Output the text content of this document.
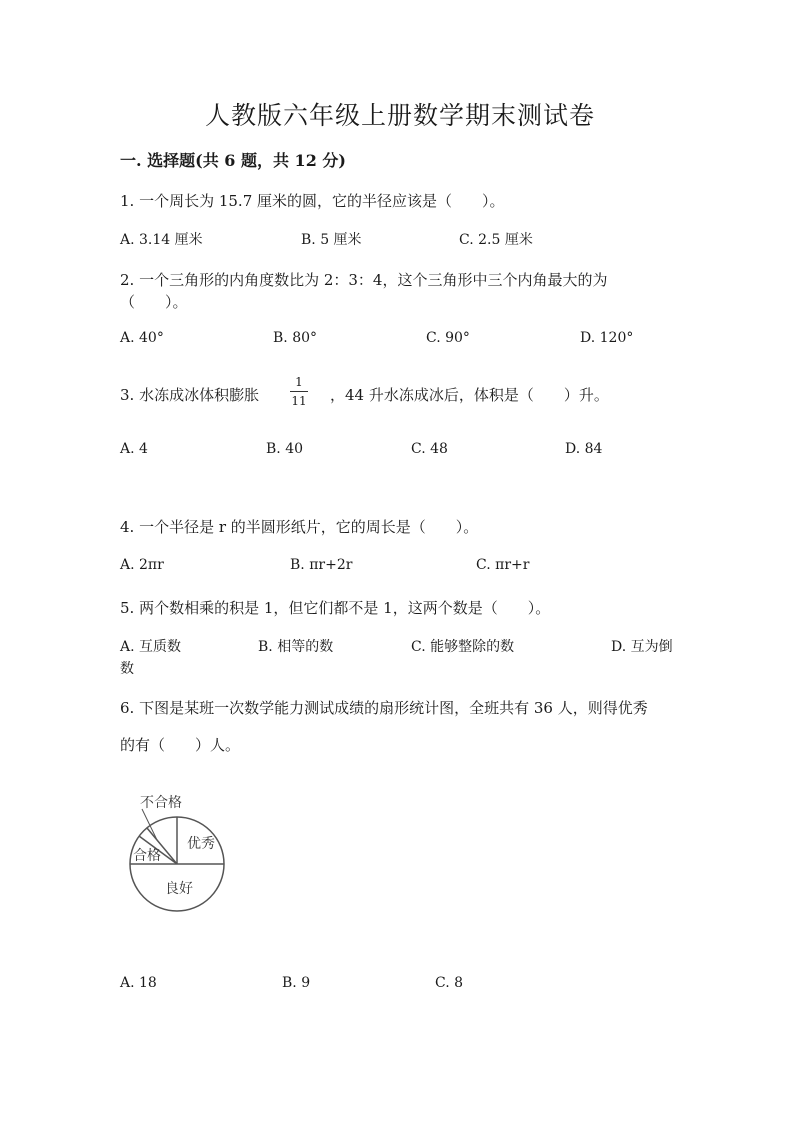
人教版六年级上册数学期末测试卷
一. 选择题(共 6 题，共 12 分)
1. 一个周长为 15.7 厘米的圆，它的半径应该是（　　）。
A. 3.14 厘米	B. 5 厘米	C. 2.5 厘米
2. 一个三角形的内角度数比为 2：3：4，这个三角形中三个内角最大的为
（　　）。
A. 40°	B. 80°	C. 90°	D. 120°
3. 水冻成冰体积膨胀
1
11 ，44 升水冻成冰后，体积是（　　）升。
A. 4	B. 40	C. 48	D. 84
4. 一个半径是 r 的半圆形纸片，它的周长是（　　）。
A. 2πr	B. πr+2r	C. πr+r
5. 两个数相乘的积是 1，但它们都不是 1，这两个数是（　　）。
A. 互质数	B. 相等的数	C. 能够整除的数	D. 互为倒
数
6. 下图是某班一次数学能力测试成绩的扇形统计图，全班共有 36 人，则得优秀
的有（　　）人。
不合格
合格
优秀
良好
A. 18	B. 9	C. 8
